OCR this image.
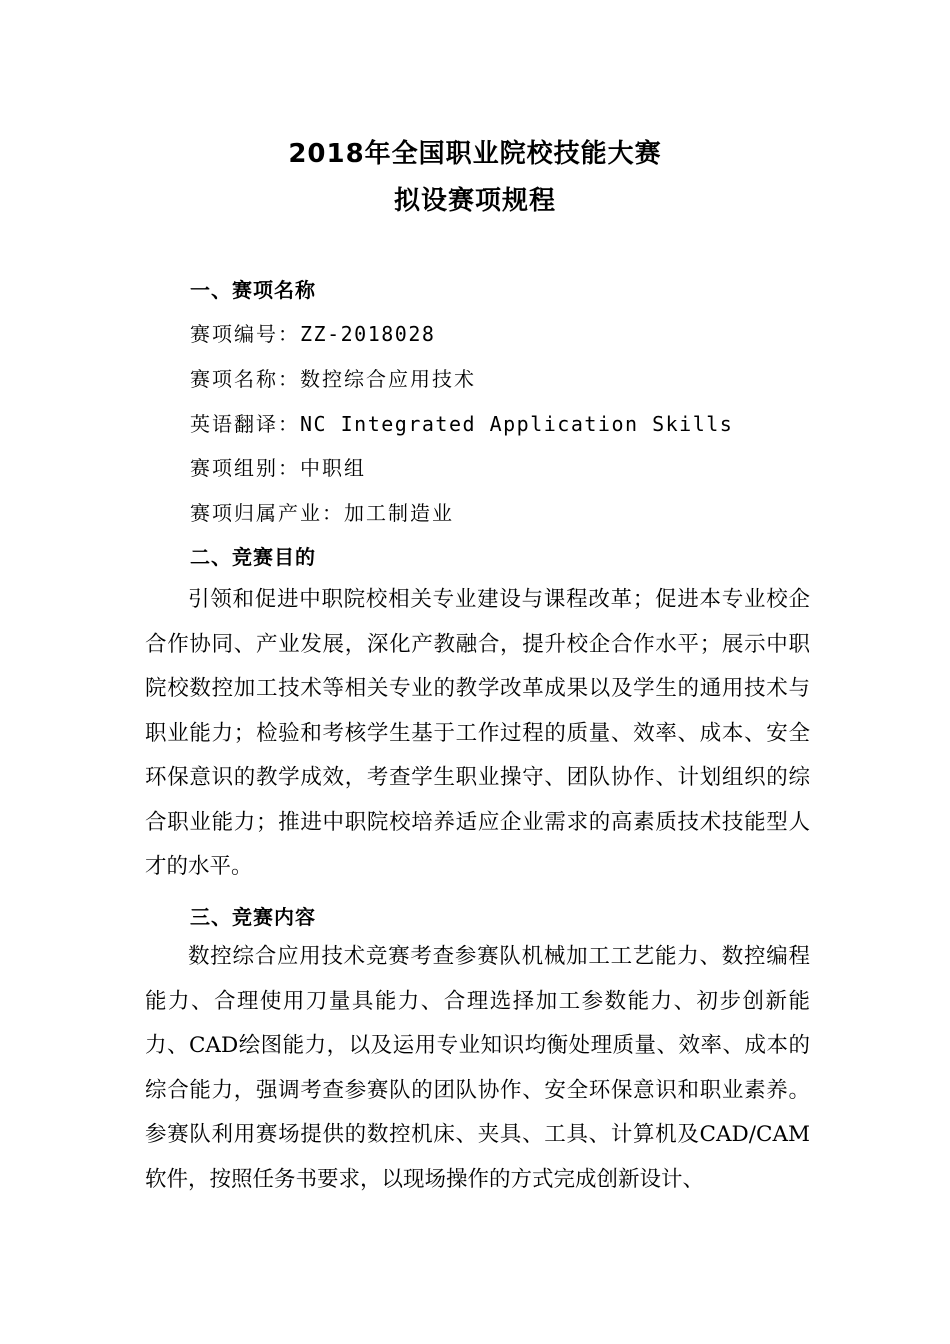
2018年全国职业院校技能大赛
拟设赛项规程
一、赛项名称
赛项编号：ZZ-2018028
赛项名称：数控综合应用技术
英语翻译：NC Integrated Application Skills
赛项组别：中职组
赛项归属产业：加工制造业
二、竞赛目的

引领和促进中职院校相关专业建设与课程改革；促进本专业校企合作协同、产业发展，深化产教融合，提升校企合作水平；展示中职院校数控加工技术等相关专业的教学改革成果以及学生的通用技术与职业能力；检验和考核学生基于工作过程的质量、效率、成本、安全环保意识的教学成效，考查学生职业操守、团队协作、计划组织的综合职业能力；推进中职院校培养适应企业需求的高素质技术技能型人才的水平。

三、竞赛内容

数控综合应用技术竞赛考查参赛队机械加工工艺能力、数控编程能力、合理使用刀量具能力、合理选择加工参数能力、初步创新能力、CAD绘图能力，以及运用专业知识均衡处理质量、效率、成本的综合能力，强调考查参赛队的团队协作、安全环保意识和职业素养。参赛队利用赛场提供的数控机床、夹具、工具、计算机及CAD/CAM软件，按照任务书要求，以现场操作的方式完成创新设计、
